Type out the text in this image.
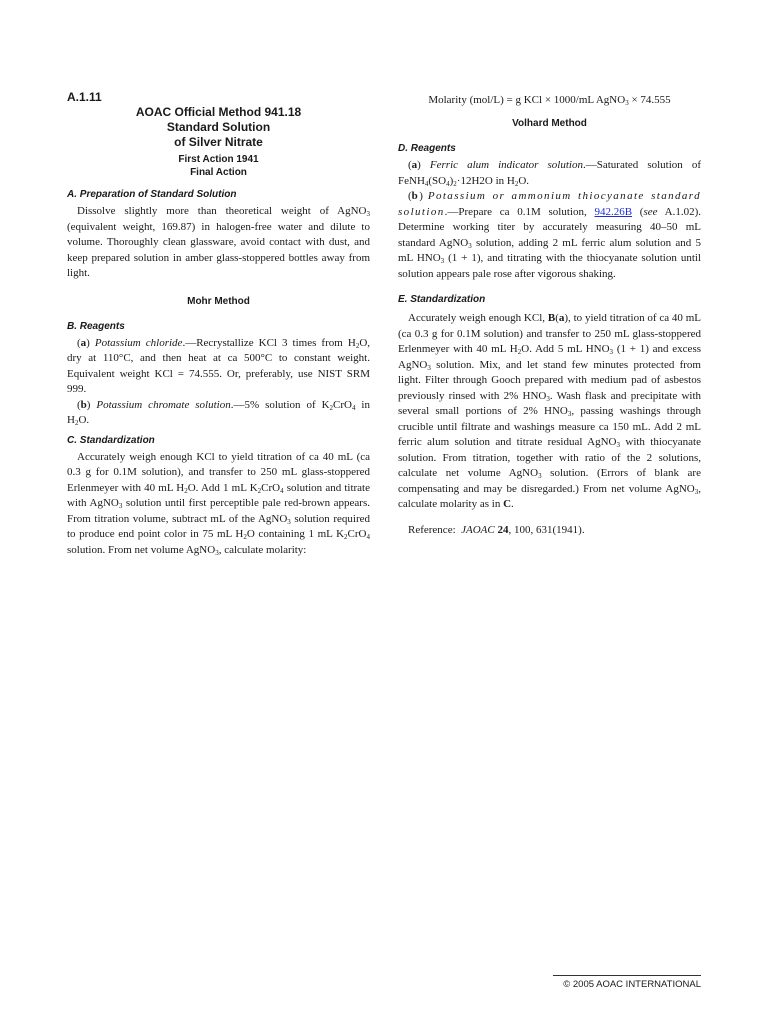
A.1.11
AOAC Official Method 941.18
Standard Solution
of Silver Nitrate
First Action 1941
Final Action
A. Preparation of Standard Solution

Dissolve slightly more than theoretical weight of AgNO$_3$ (equivalent weight, 169.87) in halogen-free water and dilute to volume. Thoroughly clean glassware, avoid contact with dust, and keep prepared solution in amber glass-stoppered bottles away from light.

Mohr Method
B. Reagents

(a) Potassium chloride.—Recrystallize KCl 3 times from $H_2O$, dry at 110°C, and then heat at ca 500°C to constant weight. Equivalent weight KCl = 74.555. Or, preferably, use NIST SRM 999.

(b) Potassium chromate solution.—5% solution of $K_2CrO_4$ in $H_2O$.

C. Standardization

Accurately weigh enough KCl to yield titration of ca 40 mL (ca 0.3 g for 0.1M solution), and transfer to 250 mL glass-stoppered Erlenmeyer with 40 mL $H_2O$. Add 1 mL $K_2CrO_4$ solution and titrate with AgNO$_3$ solution until first perceptible pale red-brown appears. From titration volume, subtract mL of the AgNO$_3$ solution required to produce end point color in 75 mL $H_2O$ containing 1 mL $K_2CrO_4$ solution. From net volume AgNO$_3$, calculate molarity:

Molarity (mol/L) = g KCl × 1000/mL AgNO$_3$ × 74.555
Volhard Method
D. Reagents

(a) Ferric alum indicator solution.—Saturated solution of $FeNH_4(SO_4)_2\cdot 12H2O$ in $H_2O$.

(b) Potassium or ammonium thiocyanate standard solution.—Prepare ca 0.1M solution, 942.26B (see A.1.02). Determine working titer by accurately measuring 40–50 mL standard AgNO$_3$ solution, adding 2 mL ferric alum solution and 5 mL $HNO_3$ (1 + 1), and titrating with the thiocyanate solution until solution appears pale rose after vigorous shaking.

E. Standardization

Accurately weigh enough KCl, B(a), to yield titration of ca 40 mL (ca 0.3 g for 0.1M solution) and transfer to 250 mL glass-stoppered Erlenmeyer with 40 mL $H_2O$. Add 5 mL $HNO_3$ (1 + 1) and excess AgNO$_3$ solution. Mix, and let stand few minutes protected from light. Filter through Gooch prepared with medium pad of asbestos previously rinsed with 2% $HNO_3$. Wash flask and precipitate with several small portions of 2% $HNO_3$, passing washings through crucible until filtrate and washings measure ca 150 mL. Add 2 mL ferric alum solution and titrate residual AgNO$_3$ with thiocyanate solution. From titration, together with ratio of the 2 solutions, calculate net volume AgNO$_3$ solution. (Errors of blank are compensating and may be disregarded.) From net volume AgNO$_3$, calculate molarity as in C.

Reference: JAOAC 24, 100, 631(1941).

© 2005 AOAC INTERNATIONAL
